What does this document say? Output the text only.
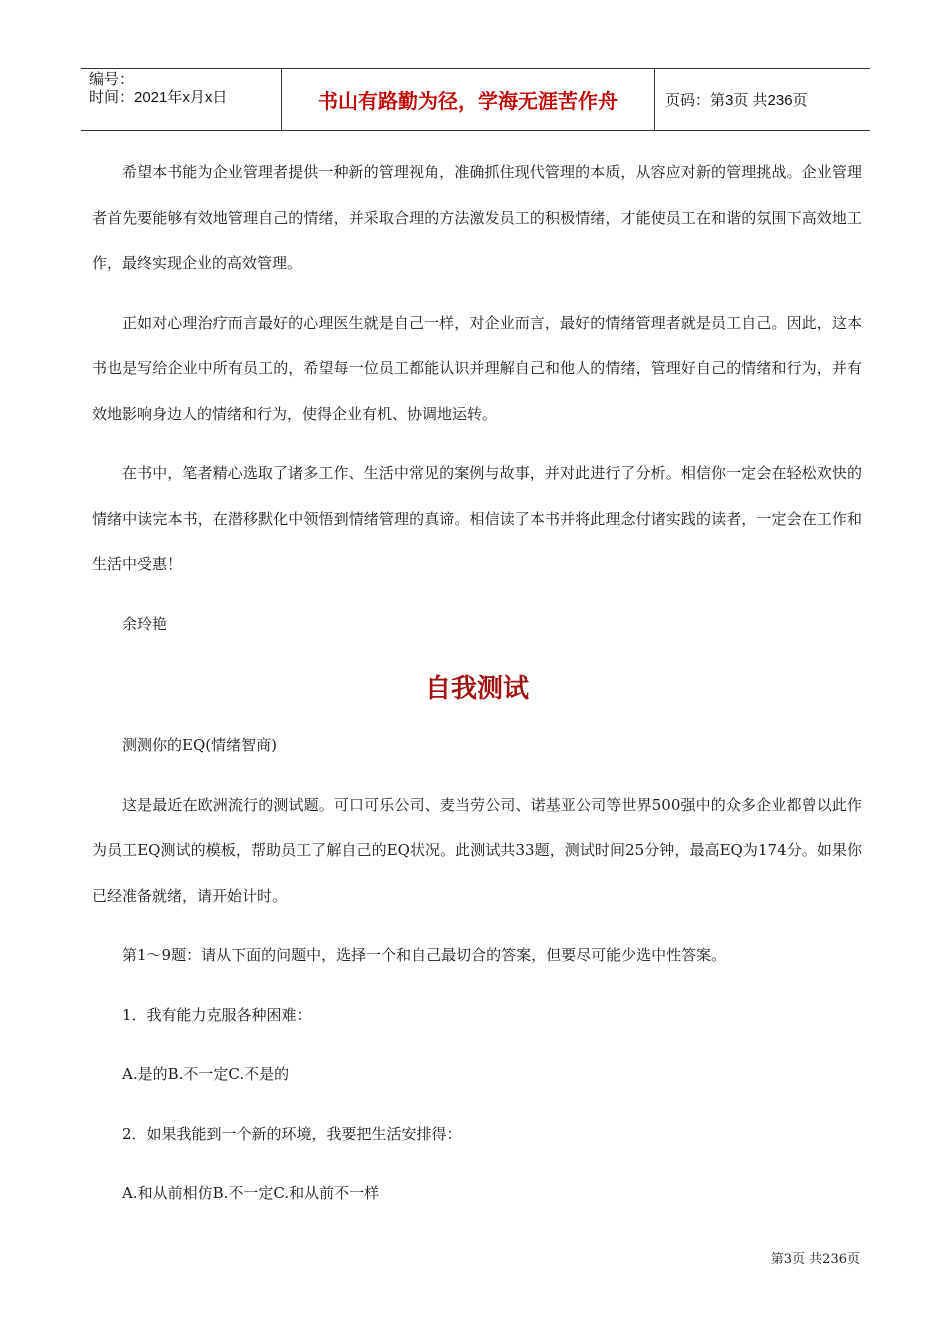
编号：
时间：2021年x月x日	书山有路勤为径，学海无涯苦作舟	页码：第3页 共236页

希望本书能为企业管理者提供一种新的管理视角，准确抓住现代管理的本质，从容应对新的管理挑战。企业管理者首先要能够有效地管理自己的情绪，并采取合理的方法激发员工的积极情绪，才能使员工在和谐的氛围下高效地工作，最终实现企业的高效管理。

正如对心理治疗而言最好的心理医生就是自己一样，对企业而言，最好的情绪管理者就是员工自己。因此，这本书也是写给企业中所有员工的，希望每一位员工都能认识并理解自己和他人的情绪，管理好自己的情绪和行为，并有效地影响身边人的情绪和行为，使得企业有机、协调地运转。

在书中，笔者精心选取了诸多工作、生活中常见的案例与故事，并对此进行了分析。相信你一定会在轻松欢快的情绪中读完本书，在潜移默化中领悟到情绪管理的真谛。相信读了本书并将此理念付诸实践的读者，一定会在工作和生活中受惠！

余玲艳

自我测试

测测你的EQ(情绪智商)

这是最近在欧洲流行的测试题。可口可乐公司、麦当劳公司、诺基亚公司等世界500强中的众多企业都曾以此作为员工EQ测试的模板，帮助员工了解自己的EQ状况。此测试共33题，测试时间25分钟，最高EQ为174分。如果你已经准备就绪，请开始计时。

第1～9题：请从下面的问题中，选择一个和自己最切合的答案，但要尽可能少选中性答案。

1．我有能力克服各种困难：

A.是的B.不一定C.不是的

2．如果我能到一个新的环境，我要把生活安排得：

A.和从前相仿B.不一定C.和从前不一样

第3页 共236页
